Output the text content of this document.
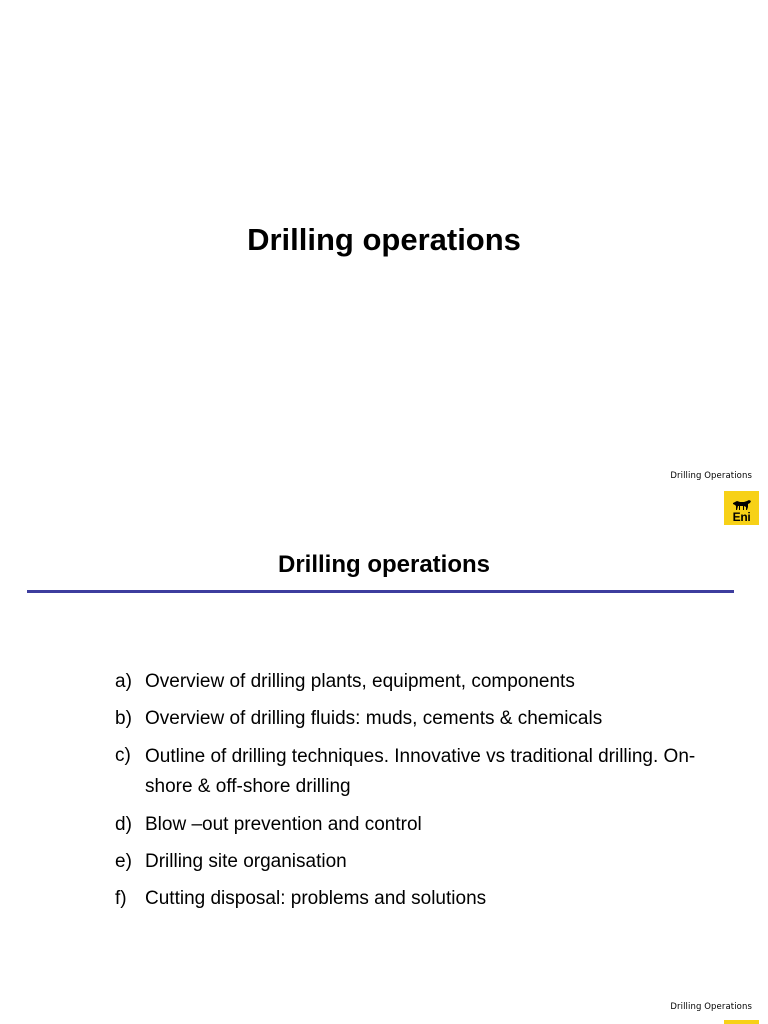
Drilling operations
Drilling Operations
Eni
Drilling operations
a) Overview of drilling plants, equipment, components
b) Overview of drilling fluids: muds, cements & chemicals
c) Outline of drilling techniques. Innovative vs traditional drilling. On-shore & off-shore drilling
d) Blow –out prevention and control
e) Drilling site organisation
f) Cutting disposal: problems and solutions
Drilling Operations
